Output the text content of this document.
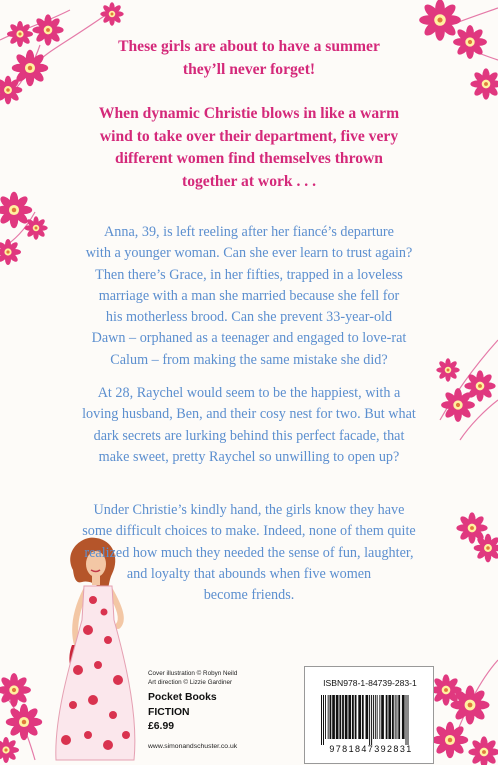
These girls are about to have a summer
they’ll never forget!
When dynamic Christie blows in like a warm
wind to take over their department, five very
different women find themselves thrown
together at work . . .
Anna, 39, is left reeling after her fiancé’s departure
with a younger woman. Can she ever learn to trust again?
Then there’s Grace, in her fifties, trapped in a loveless
marriage with a man she married because she fell for
his motherless brood. Can she prevent 33-year-old
Dawn – orphaned as a teenager and engaged to love-rat
Calum – from making the same mistake she did?
At 28, Raychel would seem to be the happiest, with a
loving husband, Ben, and their cosy nest for two. But what
dark secrets are lurking behind this perfect facade, that
make sweet, pretty Raychel so unwilling to open up?
Under Christie’s kindly hand, the girls know they have
some difficult choices to make. Indeed, none of them quite
realized how much they needed the sense of fun, laughter,
and loyalty that abounds when five women
become friends.
Cover illustration © Robyn Neild
Art direction © Lizzie Gardiner
Pocket Books
FICTION
£6.99
www.simonandschuster.co.uk
ISBN978-1-84739-283-1
9781847392831
